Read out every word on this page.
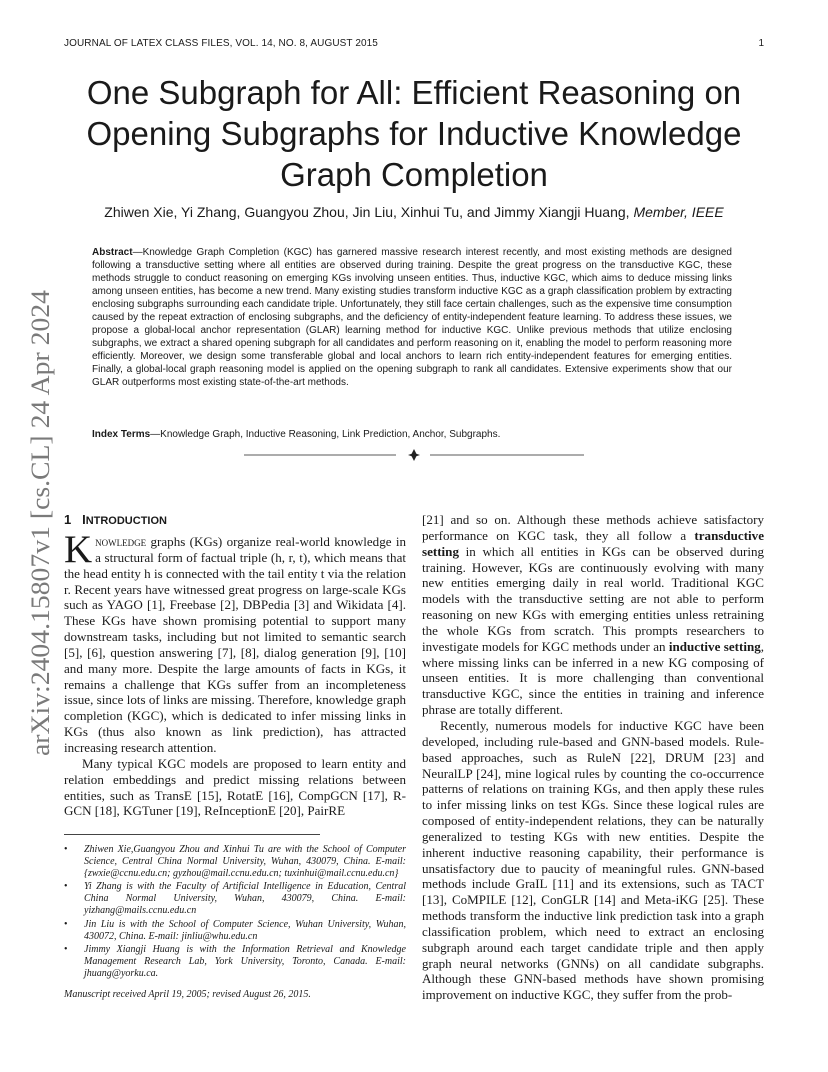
JOURNAL OF LATEX CLASS FILES, VOL. 14, NO. 8, AUGUST 2015	1
arXiv:2404.15807v1 [cs.CL] 24 Apr 2024
One Subgraph for All: Efficient Reasoning on Opening Subgraphs for Inductive Knowledge Graph Completion
Zhiwen Xie, Yi Zhang, Guangyou Zhou, Jin Liu, Xinhui Tu, and Jimmy Xiangji Huang, Member, IEEE
Abstract—Knowledge Graph Completion (KGC) has garnered massive research interest recently, and most existing methods are designed following a transductive setting where all entities are observed during training. Despite the great progress on the transductive KGC, these methods struggle to conduct reasoning on emerging KGs involving unseen entities. Thus, inductive KGC, which aims to deduce missing links among unseen entities, has become a new trend. Many existing studies transform inductive KGC as a graph classification problem by extracting enclosing subgraphs surrounding each candidate triple. Unfortunately, they still face certain challenges, such as the expensive time consumption caused by the repeat extraction of enclosing subgraphs, and the deficiency of entity-independent feature learning. To address these issues, we propose a global-local anchor representation (GLAR) learning method for inductive KGC. Unlike previous methods that utilize enclosing subgraphs, we extract a shared opening subgraph for all candidates and perform reasoning on it, enabling the model to perform reasoning more efficiently. Moreover, we design some transferable global and local anchors to learn rich entity-independent features for emerging entities. Finally, a global-local graph reasoning model is applied on the opening subgraph to rank all candidates. Extensive experiments show that our GLAR outperforms most existing state-of-the-art methods.
Index Terms—Knowledge Graph, Inductive Reasoning, Link Prediction, Anchor, Subgraphs.
1 INTRODUCTION

Knowledge graphs (KGs) organize real-world knowledge in a structural form of factual triple (h, r, t), which means that the head entity h is connected with the tail entity t via the relation r. Recent years have witnessed great progress on large-scale KGs such as YAGO [1], Freebase [2], DBPedia [3] and Wikidata [4]. These KGs have shown promising potential to support many downstream tasks, including but not limited to semantic search [5], [6], question answering [7], [8], dialog generation [9], [10] and many more. Despite the large amounts of facts in KGs, it remains a challenge that KGs suffer from an incompleteness issue, since lots of links are missing. Therefore, knowledge graph completion (KGC), which is dedicated to infer missing links in KGs (thus also known as link prediction), has attracted increasing research attention.

Many typical KGC models are proposed to learn entity and relation embeddings and predict missing relations between entities, such as TransE [15], RotatE [16], CompGCN [17], R-GCN [18], KGTuner [19], ReInceptionE [20], PairRE

[21] and so on. Although these methods achieve satisfactory performance on KGC task, they all follow a transductive setting in which all entities in KGs can be observed during training. However, KGs are continuously evolving with many new entities emerging daily in real world. Traditional KGC models with the transductive setting are not able to perform reasoning on new KGs with emerging entities unless retraining the whole KGs from scratch. This prompts researchers to investigate models for KGC methods under an inductive setting, where missing links can be inferred in a new KG composing of unseen entities. It is more challenging than conventional transductive KGC, since the entities in training and inference phrase are totally different.

Recently, numerous models for inductive KGC have been developed, including rule-based and GNN-based models. Rule-based approaches, such as RuleN [22], DRUM [23] and NeuralLP [24], mine logical rules by counting the co-occurrence patterns of relations on training KGs, and then apply these rules to infer missing links on test KGs. Since these logical rules are composed of entity-independent relations, they can be naturally generalized to testing KGs with new entities. Despite the inherent inductive reasoning capability, their performance is unsatisfactory due to paucity of meaningful rules. GNN-based methods include GraIL [11] and its extensions, such as TACT [13], CoMPILE [12], ConGLR [14] and Meta-iKG [25]. These methods transform the inductive link prediction task into a graph classification problem, which need to extract an enclosing subgraph around each target candidate triple and then apply graph neural networks (GNNs) on all candidate subgraphs. Although these GNN-based methods have shown promising improvement on inductive KGC, they suffer from the prob-

• Zhiwen Xie,Guangyou Zhou and Xinhui Tu are with the School of Computer Science, Central China Normal University, Wuhan, 430079, China. E-mail: {zwxie@ccnu.edu.cn; gyzhou@mail.ccnu.edu.cn; tuxinhui@mail.ccnu.edu.cn}
• Yi Zhang is with the Faculty of Artificial Intelligence in Education, Central China Normal University, Wuhan, 430079, China. E-mail: yizhang@mails.ccnu.edu.cn
• Jin Liu is with the School of Computer Science, Wuhan University, Wuhan, 430072, China. E-mail: jinliu@whu.edu.cn
• Jimmy Xiangji Huang is with the Information Retrieval and Knowledge Management Research Lab, York University, Toronto, Canada. E-mail: jhuang@yorku.ca.
Manuscript received April 19, 2005; revised August 26, 2015.
